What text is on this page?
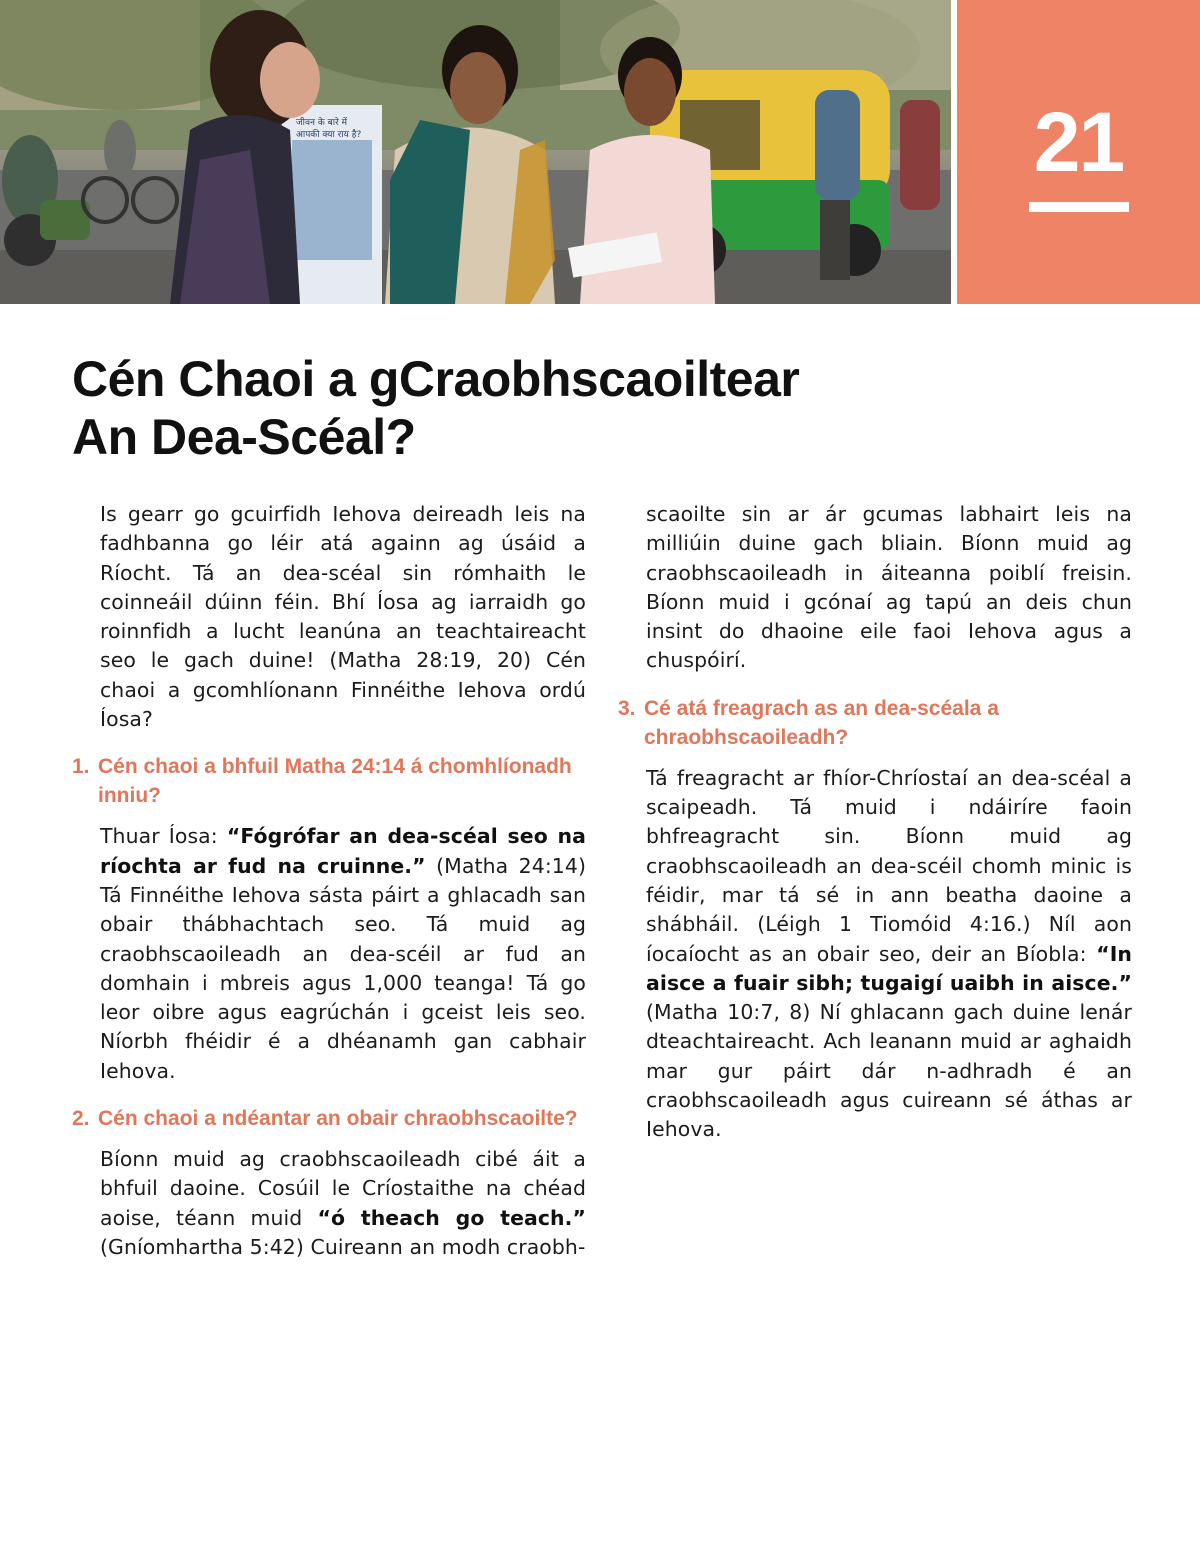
जीवन के बारे में
आपकी क्या राय है?	21
Cén Chaoi a gCraobhscaoiltear
An Dea-Scéal?

Is gearr go gcuirfidh Iehova deireadh leis na fadhbanna go léir atá againn ag úsáid a Ríocht. Tá an dea-scéal sin rómhaith le coinneáil dúinn féin. Bhí Íosa ag iarraidh go roinnfidh a lucht leanúna an teachtaireacht seo le gach duine! (Matha 28:19, 20) Cén chaoi a gcomhlíonann Finnéithe Iehova ordú Íosa?

1. Cén chaoi a bhfuil Matha 24:14 á chomhlíonadh inniu?

Thuar Íosa: “Fógrófar an dea-scéal seo na ríochta ar fud na cruinne.” (Matha 24:14) Tá Finnéithe Iehova sásta páirt a ghlacadh san obair thábhachtach seo. Tá muid ag craobhscaoileadh an dea-scéil ar fud an domhain i mbreis agus 1,000 teanga! Tá go leor oibre agus eagrúchán i gceist leis seo. Níorbh fhéidir é a dhéanamh gan cabhair Iehova.

2. Cén chaoi a ndéantar an obair chraobhscaoilte?

Bíonn muid ag craobhscaoileadh cibé áit a bhfuil daoine. Cosúil le Críostaithe na chéad aoise, téann muid “ó theach go teach.” (Gníomhartha 5:42) Cuireann an modh craobh-

scaoilte sin ar ár gcumas labhairt leis na milliúin duine gach bliain. Bíonn muid ag craobhscaoileadh in áiteanna poiblí freisin. Bíonn muid i gcónaí ag tapú an deis chun insint do dhaoine eile faoi Iehova agus a chuspóirí.

3. Cé atá freagrach as an dea-scéala a chraobhscaoileadh?

Tá freagracht ar fhíor-Chríostaí an dea-scéal a scaipeadh. Tá muid i ndáiríre faoin bhfreagracht sin. Bíonn muid ag craobhscaoileadh an dea-scéil chomh minic is féidir, mar tá sé in ann beatha daoine a shábháil. (Léigh 1 Tiomóid 4:16.) Níl aon íocaíocht as an obair seo, deir an Bíobla: “In aisce a fuair sibh; tugaigí uaibh in aisce.” (Matha 10:7, 8) Ní ghlacann gach duine lenár dteachtaireacht. Ach leanann muid ar aghaidh mar gur páirt dár n-adhradh é an craobhscaoileadh agus cuireann sé áthas ar Iehova.
